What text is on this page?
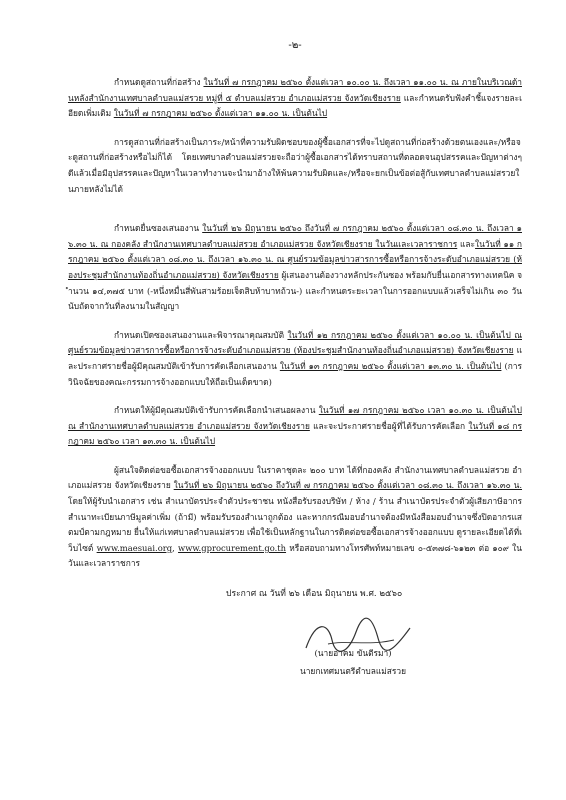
-๒-

กำหนดดูสถานที่ก่อสร้าง ในวันที่ ๗ กรกฎาคม ๒๕๖๐ ตั้งแต่เวลา ๑๐.๐๐ น. ถึงเวลา ๑๑.๐๐ น. ณ ภายในบริเวณด้านหลังสำนักงานเทศบาลตำบลแม่สรวย หมู่ที่ ๕ ตำบลแม่สรวย อำเภอแม่สรวย จังหวัดเชียงราย และกำหนดรับฟังคำชี้แจงรายละเอียดเพิ่มเติม ในวันที่ ๗ กรกฎาคม ๒๕๖๐ ตั้งแต่เวลา ๑๑.๐๐ น. เป็นต้นไป

การดูสถานที่ก่อสร้างเป็นภาระ/หน้าที่ความรับผิดชอบของผู้ซื้อเอกสารที่จะไปดูสถานที่ก่อสร้างด้วยตนเองและ/หรือจะดูสถานที่ก่อสร้างหรือไม่ก็ได้ โดยเทศบาลตำบลแม่สรวยจะถือว่าผู้ซื้อเอกสารได้ทราบสถานที่ตลอดจนอุปสรรคและปัญหาต่างๆ ดีแล้วเมื่อมีอุปสรรคและปัญหาในเวลาทำงานจะนำมาอ้างให้พ้นความรับผิดและ/หรือจะยกเป็นข้อต่อสู้กับเทศบาลตำบลแม่สรวยในภายหลังไม่ได้

กำหนดยื่นซองเสนองาน ในวันที่ ๒๖ มิถุนายน ๒๕๖๐ ถึงวันที่ ๗ กรกฎาคม ๒๕๖๐ ตั้งแต่เวลา ๐๘.๓๐ น. ถึงเวลา ๑๖.๓๐ น. ณ กองคลัง สำนักงานเทศบาลตำบลแม่สรวย อำเภอแม่สรวย จังหวัดเชียงราย ในวันและเวลาราชการ และในวันที่ ๑๑ กรกฎาคม ๒๕๖๐ ตั้งแต่เวลา ๐๘.๓๐ น. ถึงเวลา ๑๖.๓๐ น. ณ ศูนย์รวมข้อมูลข่าวสารการซื้อหรือการจ้างระดับอำเภอแม่สรวย (ห้องประชุมสำนักงานท้องถิ่นอำเภอแม่สรวย) จังหวัดเชียงราย ผู้เสนองานต้องวางหลักประกันซอง พร้อมกับยื่นเอกสารทางเทคนิค จำนวน ๑๔,๓๗๕ บาท (-หนึ่งหมื่นสี่พันสามร้อยเจ็ดสิบห้าบาทถ้วน-) และกำหนดระยะเวลาในการออกแบบแล้วเสร็จไม่เกิน ๓๐ วัน นับถัดจากวันที่ลงนามในสัญญา

กำหนดเปิดซองเสนองานและพิจารณาคุณสมบัติ ในวันที่ ๑๒ กรกฎาคม ๒๕๖๐ ตั้งแต่เวลา ๑๐.๐๐ น. เป็นต้นไป ณ ศูนย์รวมข้อมูลข่าวสารการซื้อหรือการจ้างระดับอำเภอแม่สรวย (ห้องประชุมสำนักงานท้องถิ่นอำเภอแม่สรวย) จังหวัดเชียงราย และประกาศรายชื่อผู้มีคุณสมบัติเข้ารับการคัดเลือกเสนองาน ในวันที่ ๑๓ กรกฎาคม ๒๕๖๐ ตั้งแต่เวลา ๑๓.๓๐ น. เป็นต้นไป (การวินิจฉัยของคณะกรรมการจ้างออกแบบให้ถือเป็นเด็ดขาด)

กำหนดให้ผู้มีคุณสมบัติเข้ารับการคัดเลือกนำเสนอผลงาน ในวันที่ ๑๗ กรกฎาคม ๒๕๖๐ เวลา ๑๐.๓๐ น. เป็นต้นไป ณ สำนักงานเทศบาลตำบลแม่สรวย อำเภอแม่สรวย จังหวัดเชียงราย และจะประกาศรายชื่อผู้ที่ได้รับการคัดเลือก ในวันที่ ๑๘ กรกฎาคม ๒๕๖๐ เวลา ๑๓.๓๐ น. เป็นต้นไป

ผู้สนใจติดต่อขอซื้อเอกสารจ้างออกแบบ ในราคาชุดละ ๒๐๐ บาท ได้ที่กองคลัง สำนักงานเทศบาลตำบลแม่สรวย อำเภอแม่สรวย จังหวัดเชียงราย ในวันที่ ๒๖ มิถุนายน ๒๕๖๐ ถึงวันที่ ๗ กรกฎาคม ๒๕๖๐ ตั้งแต่เวลา ๐๘.๓๐ น. ถึงเวลา ๑๖.๓๐ น. โดยให้ผู้รับนำเอกสาร เช่น สำเนาบัตรประจำตัวประชาชน หนังสือรับรองบริษัท / ห้าง / ร้าน สำเนาบัตรประจำตัวผู้เสียภาษีอากร สำเนาทะเบียนภาษีมูลค่าเพิ่ม (ถ้ามี) พร้อมรับรองสำเนาถูกต้อง และหากกรณีมอบอำนาจต้องมีหนังสือมอบอำนาจซึ่งปิดอากรแสตมป์ตามกฎหมาย ยื่นให้แก่เทศบาลตำบลแม่สรวย เพื่อใช้เป็นหลักฐานในการติดต่อขอซื้อเอกสารจ้างออกแบบ ดูรายละเอียดได้ที่เว็บไซต์ www.maesuai.org, www.gprocurement.go.th หรือสอบถามทางโทรศัพท์หมายเลข ๐-๕๓๗๘-๖๑๒๓ ต่อ ๑๐๙ ในวันและเวลาราชการ

ประกาศ ณ วันที่ ๒๖ เดือน มิถุนายน พ.ศ. ๒๕๖๐
(นายอาคม ขันตีรมา)
นายกเทศมนตรีตำบลแม่สรวย
